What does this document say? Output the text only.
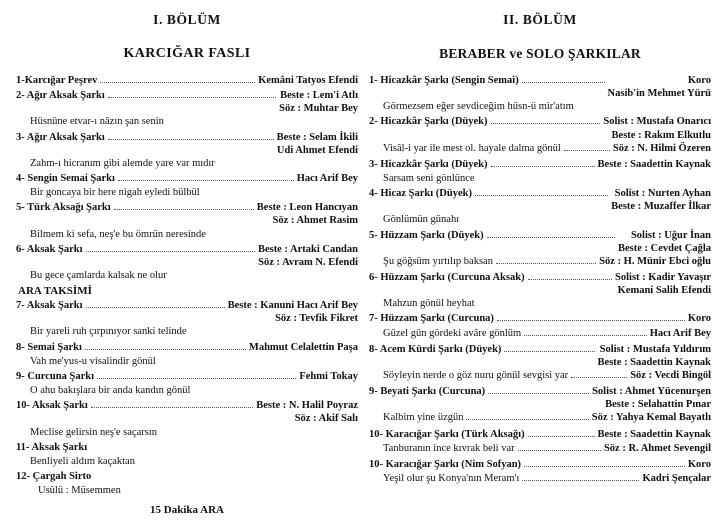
I. BÖLÜM
KARCIĞAR FASLI
1-Karcığar Peşrev	Kemâni Tatyos Efendi
2- Ağır Aksak Şarkı	Beste : Lem'i Atlı
Söz : Muhtar Bey
Hüsnüne etvar-ı nâzın şan senin
3- Ağır Aksak Şarkı	Beste : Selam İkili
Udi Ahmet Efendi
Zahm-ı hicranım gibi alemde yare var mıdır
4- Sengin Semai Şarkı	Hacı Arif Bey
Bir goncaya bir here nigah eyledi bülbül
5- Türk Aksağı Şarkı	Beste : Leon Hancıyan
Söz : Ahmet Rasim
Bilmem ki sefa, neş'e bu ömrün neresinde
6- Aksak Şarkı	Beste : Artaki Candan
Söz : Avram N. Efendi
Bu gece çamlarda kalsak ne olur
ARA TAKSİMİ
7- Aksak Şarkı	Beste : Kanuni Hacı Arif Bey
Söz : Tevfik Fikret
Bir yareli ruh çırpınıyor sanki telinde
8- Semai Şarkı	Mahmut Celalettin Paşa
Vah me'yus-u visalindir gönül
9- Curcuna Şarkı	Fehmi Tokay
O ahu bakışlara bir anda kandın gönül
10- Aksak Şarkı	Beste : N. Halil Poyraz
Söz : Akif Salı
Meclise gelirsin neş'e saçarsın
11- Aksak Şarkı
Benliyeli aldım kaçaktan
12- Çargah Sirto
Usûlü : Müsemmen
15 Dakika ARA
II. BÖLÜM
BERABER ve SOLO ŞARKILAR
1- Hicazkâr Şarkı (Sengin Semai)	Koro
Nasib'in Mehmet Yürü
Görmezsem eğer sevdiceğim hüsn-ü mir'atım
2- Hicazkâr Şarkı (Düyek)	Solist : Mustafa Onarıcı
Beste : Rakım Elkutlu
Visâl-i yar ile mest ol. hayale dalma gönül	Söz : N. Hilmi Özeren
3- Hicazkâr Şarkı (Düyek)	Beste : Saadettin Kaynak
Sarsam seni gönlünce
4- Hicaz Şarkı (Düyek)	Solist : Nurten Ayhan
Beste : Muzaffer İlkar
Gönlümün günahı
5- Hüzzam Şarkı (Düyek)	Solist : Uğur İnan
Beste : Cevdet Çağla
Şu göğsüm yırtılıp baksan	Söz : H. Münir Ebci oğlu
6- Hüzzam Şarkı (Curcuna Aksak)	Solist : Kadir Yavaşır
Kemani Salih Efendi
Mahzun gönül heyhat
7- Hüzzam Şarkı (Curcuna)	Koro
Güzel gün gördeki avâre gönlüm	Hacı Arif Bey
8- Acem Kürdi Şarkı (Düyek)	Solist : Mustafa Yıldırım
Beste : Saadettin Kaynak
Söyleyin nerde o göz nuru gönül sevgisi yar	Söz : Vecdi Bingöl
9- Beyati Şarkı (Curcuna)	Solist : Ahmet Yücenurşen
Beste : Selahattin Pınar
Kalbim yine üzgün	Söz : Yahya Kemal Bayatlı
10- Karacığar Şarkı (Türk Aksağı)	Beste : Saadettin Kaynak
Tanburanın ince kıvrak beli var	Söz : R. Ahmet Sevengil
10- Karacığar Şarkı (Nim Sofyan)	Koro
Yeşil olur şu Konya'nın Meram'ı	Kadri Şençalar
